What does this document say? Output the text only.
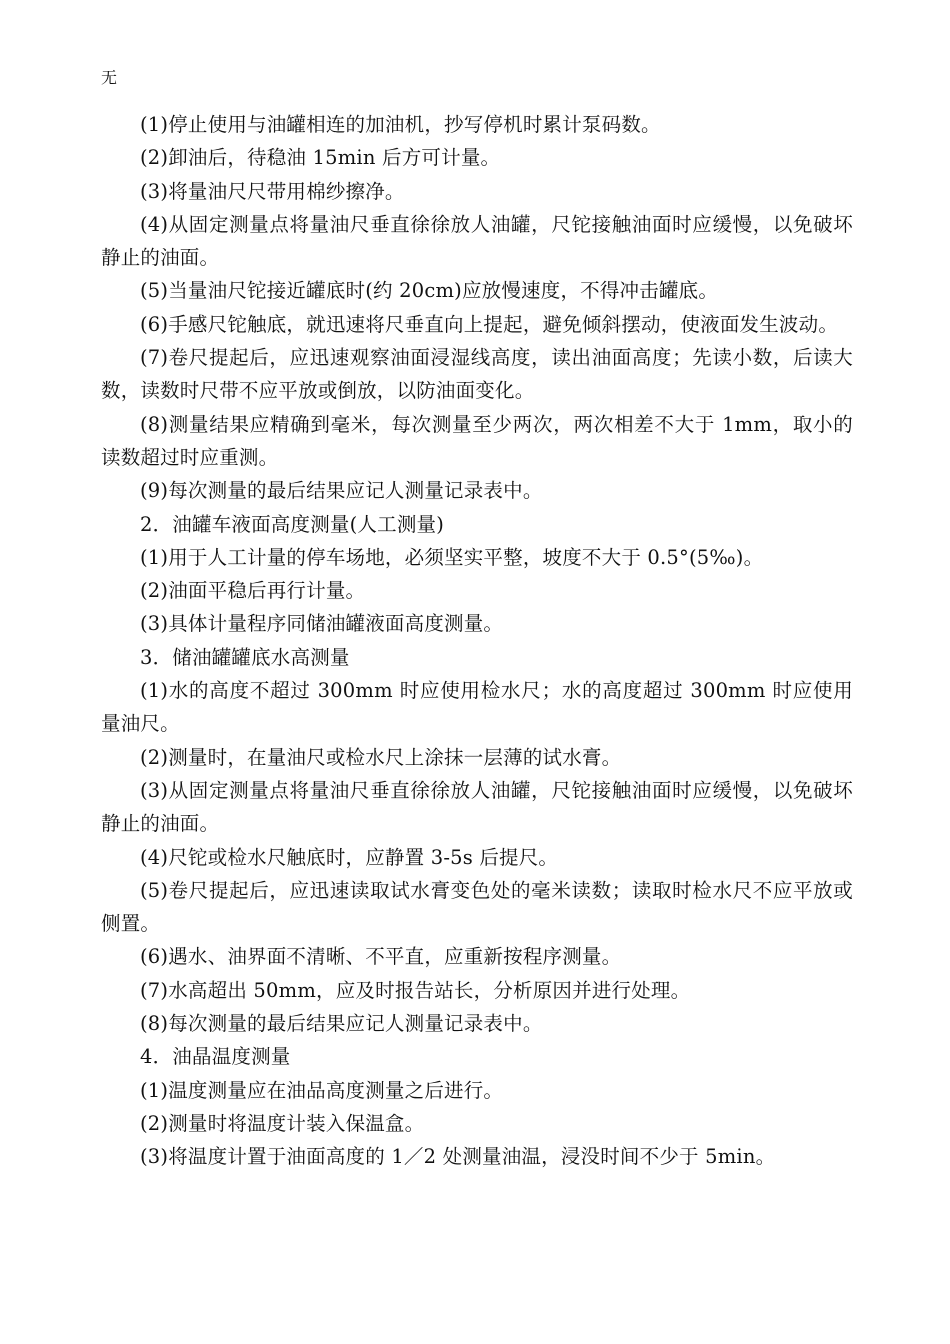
无

(1)停止使用与油罐相连的加油机，抄写停机时累计泵码数。

(2)卸油后，待稳油 15min 后方可计量。

(3)将量油尺尺带用棉纱擦净。

(4)从固定测量点将量油尺垂直徐徐放人油罐，尺铊接触油面时应缓慢，以免破坏静止的油面。

(5)当量油尺铊接近罐底时(约 20cm)应放慢速度，不得冲击罐底。

(6)手感尺铊触底，就迅速将尺垂直向上提起，避免倾斜摆动，使液面发生波动。

(7)卷尺提起后，应迅速观察油面浸湿线高度，读出油面高度；先读小数，后读大数，读数时尺带不应平放或倒放，以防油面变化。

(8)测量结果应精确到毫米，每次测量至少两次，两次相差不大于 1mm，取小的读数超过时应重测。

(9)每次测量的最后结果应记人测量记录表中。

2．油罐车液面高度测量(人工测量)

(1)用于人工计量的停车场地，必须坚实平整，坡度不大于 0.5°(5‰)。

(2)油面平稳后再行计量。

(3)具体计量程序同储油罐液面高度测量。

3．储油罐罐底水高测量

(1)水的高度不超过 300mm 时应使用检水尺；水的高度超过 300mm 时应使用量油尺。

(2)测量时，在量油尺或检水尺上涂抹一层薄的试水膏。

(3)从固定测量点将量油尺垂直徐徐放人油罐，尺铊接触油面时应缓慢，以免破坏静止的油面。

(4)尺铊或检水尺触底时，应静置 3-5s 后提尺。

(5)卷尺提起后，应迅速读取试水膏变色处的毫米读数；读取时检水尺不应平放或侧置。

(6)遇水、油界面不清晰、不平直，应重新按程序测量。

(7)水高超出 50mm，应及时报告站长，分析原因并进行处理。

(8)每次测量的最后结果应记人测量记录表中。

4．油晶温度测量

(1)温度测量应在油品高度测量之后进行。

(2)测量时将温度计装入保温盒。

(3)将温度计置于油面高度的 1／2 处测量油温，浸没时间不少于 5min。
